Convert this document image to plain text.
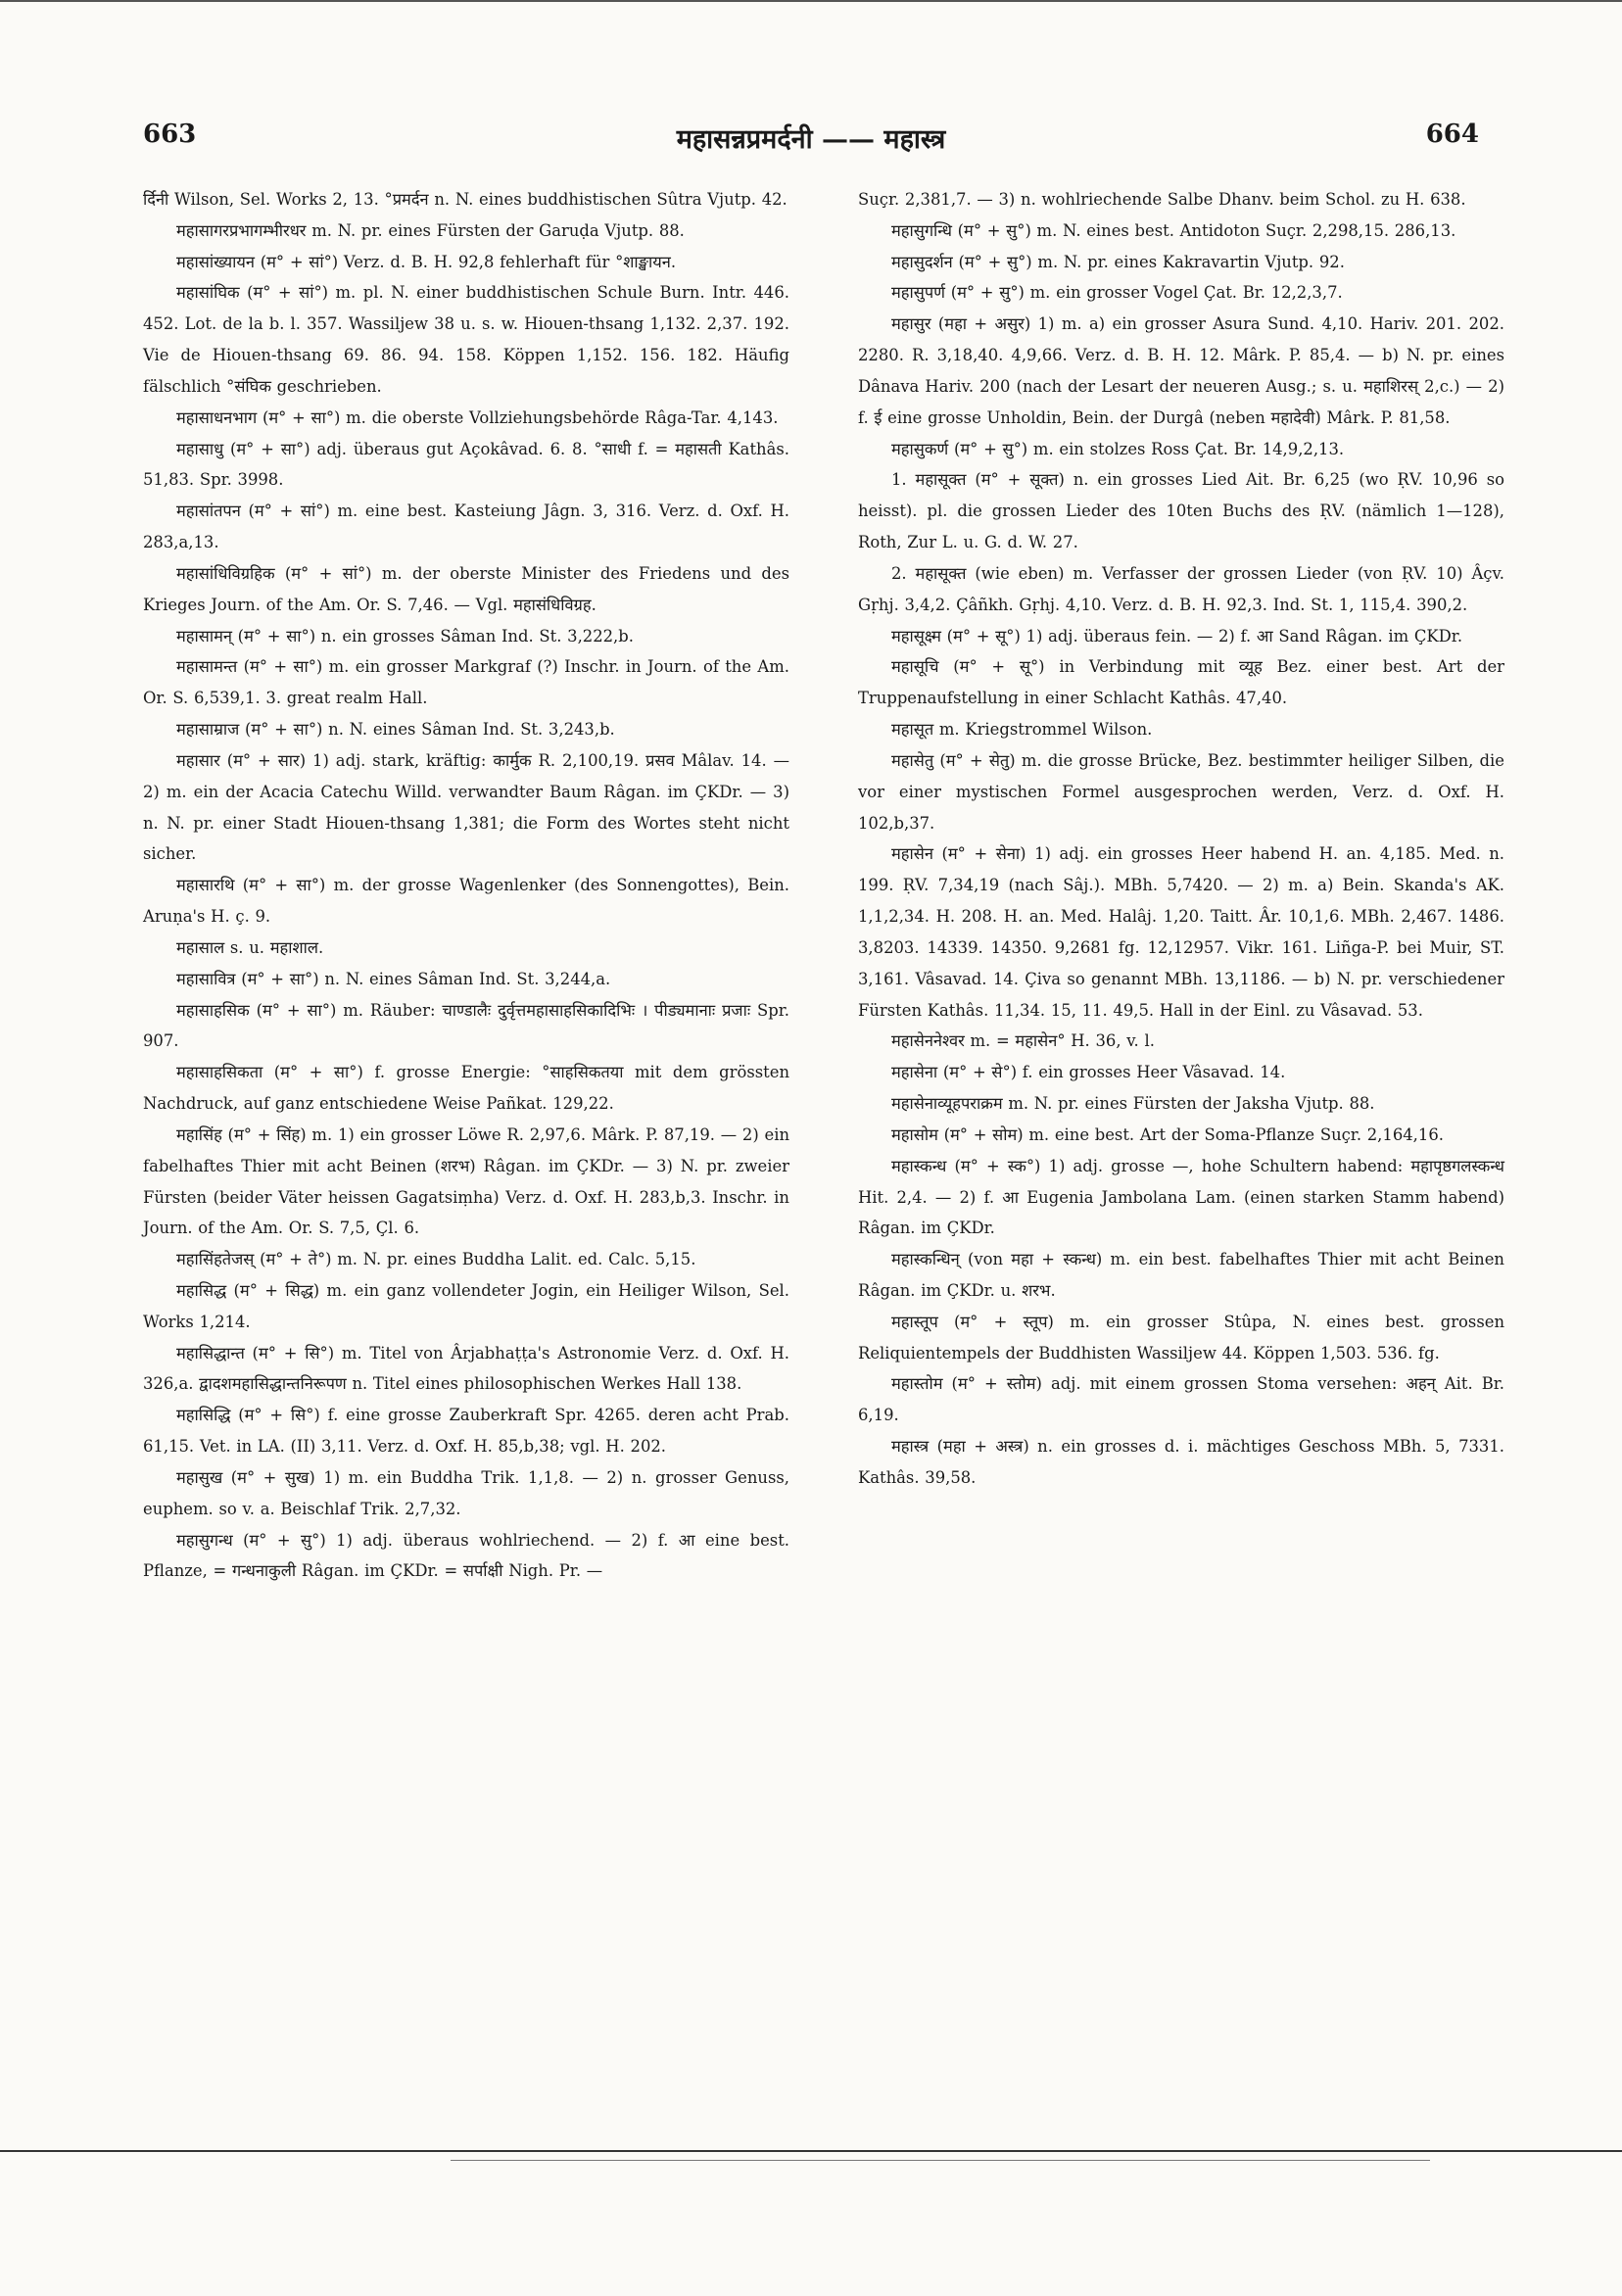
663	महासन्नप्रमर्दनी —— महास्त्र	664

र्दिनी Wilson, Sel. Works 2, 13. °प्रमर्दन n. N. eines buddhistischen Sûtra Vjutp. 42.

महासागरप्रभागम्भीरधर m. N. pr. eines Fürsten der Garuḍa Vjutp. 88.

महासांख्यायन (म° + सां°) Verz. d. B. H. 92,8 fehlerhaft für °शाङ्खायन.

महासांघिक (म° + सां°) m. pl. N. einer buddhistischen Schule Burn. Intr. 446. 452. Lot. de la b. l. 357. Wassiljew 38 u. s. w. Hiouen-thsang 1,132. 2,37. 192. Vie de Hiouen-thsang 69. 86. 94. 158. Köppen 1,152. 156. 182. Häufig fälschlich °संघिक geschrieben.

महासाधनभाग (म° + सा°) m. die oberste Vollziehungsbehörde Râga-Tar. 4,143.

महासाधु (म° + सा°) adj. überaus gut Açokâvad. 6. 8. °साधी f. = महासती Kathâs. 51,83. Spr. 3998.

महासांतपन (म° + सां°) m. eine best. Kasteiung Jâgn. 3, 316. Verz. d. Oxf. H. 283,a,13.

महासांधिविग्रहिक (म° + सां°) m. der oberste Minister des Friedens und des Krieges Journ. of the Am. Or. S. 7,46. — Vgl. महासंधिविग्रह.

महासामन् (म° + सा°) n. ein grosses Sâman Ind. St. 3,222,b.

महासामन्त (म° + सा°) m. ein grosser Markgraf (?) Inschr. in Journ. of the Am. Or. S. 6,539,1. 3. great realm Hall.

महासाम्राज (म° + सा°) n. N. eines Sâman Ind. St. 3,243,b.

महासार (म° + सार) 1) adj. stark, kräftig: कार्मुक R. 2,100,19. प्रसव Mâlav. 14. — 2) m. ein der Acacia Catechu Willd. verwandter Baum Râgan. im ÇKDr. — 3) n. N. pr. einer Stadt Hiouen-thsang 1,381; die Form des Wortes steht nicht sicher.

महासारथि (म° + सा°) m. der grosse Wagenlenker (des Sonnengottes), Bein. Aruṇa's H. ç. 9.

महासाल s. u. महाशाल.

महासावित्र (म° + सा°) n. N. eines Sâman Ind. St. 3,244,a.

महासाहसिक (म° + सा°) m. Räuber: चाण्डालैः दुर्वृत्तमहासाहसिकादिभिः । पीड्यमानाः प्रजाः Spr. 907.

महासाहसिकता (म° + सा°) f. grosse Energie: °साहसिकतया mit dem grössten Nachdruck, auf ganz entschiedene Weise Pañkat. 129,22.

महासिंह (म° + सिंह) m. 1) ein grosser Löwe R. 2,97,6. Mârk. P. 87,19. — 2) ein fabelhaftes Thier mit acht Beinen (शरभ) Râgan. im ÇKDr. — 3) N. pr. zweier Fürsten (beider Väter heissen Gagatsiṃha) Verz. d. Oxf. H. 283,b,3. Inschr. in Journ. of the Am. Or. S. 7,5, Çl. 6.

महासिंहतेजस् (म° + ते°) m. N. pr. eines Buddha Lalit. ed. Calc. 5,15.

महासिद्ध (म° + सिद्ध) m. ein ganz vollendeter Jogin, ein Heiliger Wilson, Sel. Works 1,214.

महासिद्धान्त (म° + सि°) m. Titel von Ârjabhaṭṭa's Astronomie Verz. d. Oxf. H. 326,a. द्वादशमहासिद्धान्तनिरूपण n. Titel eines philosophischen Werkes Hall 138.

महासिद्धि (म° + सि°) f. eine grosse Zauberkraft Spr. 4265. deren acht Prab. 61,15. Vet. in LA. (II) 3,11. Verz. d. Oxf. H. 85,b,38; vgl. H. 202.

महासुख (म° + सुख) 1) m. ein Buddha Trik. 1,1,8. — 2) n. grosser Genuss, euphem. so v. a. Beischlaf Trik. 2,7,32.

महासुगन्ध (म° + सु°) 1) adj. überaus wohlriechend. — 2) f. आ eine best. Pflanze, = गन्धनाकुली Râgan. im ÇKDr. = सर्पाक्षी Nigh. Pr. —

Suçr. 2,381,7. — 3) n. wohlriechende Salbe Dhanv. beim Schol. zu H. 638.

महासुगन्धि (म° + सु°) m. N. eines best. Antidoton Suçr. 2,298,15. 286,13.

महासुदर्शन (म° + सु°) m. N. pr. eines Kakravartin Vjutp. 92.

महासुपर्ण (म° + सु°) m. ein grosser Vogel Çat. Br. 12,2,3,7.

महासुर (महा + असुर) 1) m. a) ein grosser Asura Sund. 4,10. Hariv. 201. 202. 2280. R. 3,18,40. 4,9,66. Verz. d. B. H. 12. Mârk. P. 85,4. — b) N. pr. eines Dânava Hariv. 200 (nach der Lesart der neueren Ausg.; s. u. महाशिरस् 2,c.) — 2) f. ई eine grosse Unholdin, Bein. der Durgâ (neben महादेवी) Mârk. P. 81,58.

महासुकर्ण (म° + सु°) m. ein stolzes Ross Çat. Br. 14,9,2,13.

1. महासूक्त (म° + सूक्त) n. ein grosses Lied Ait. Br. 6,25 (wo ṚV. 10,96 so heisst). pl. die grossen Lieder des 10ten Buchs des ṚV. (nämlich 1—128), Roth, Zur L. u. G. d. W. 27.

2. महासूक्त (wie eben) m. Verfasser der grossen Lieder (von ṚV. 10) Âçv. Gṛhj. 3,4,2. Çâñkh. Gṛhj. 4,10. Verz. d. B. H. 92,3. Ind. St. 1, 115,4. 390,2.

महासूक्ष्म (म° + सू°) 1) adj. überaus fein. — 2) f. आ Sand Râgan. im ÇKDr.

महासूचि (म° + सू°) in Verbindung mit व्यूह Bez. einer best. Art der Truppenaufstellung in einer Schlacht Kathâs. 47,40.

महासूत m. Kriegstrommel Wilson.

महासेतु (म° + सेतु) m. die grosse Brücke, Bez. bestimmter heiliger Silben, die vor einer mystischen Formel ausgesprochen werden, Verz. d. Oxf. H. 102,b,37.

महासेन (म° + सेना) 1) adj. ein grosses Heer habend H. an. 4,185. Med. n. 199. ṚV. 7,34,19 (nach Sâj.). MBh. 5,7420. — 2) m. a) Bein. Skanda's AK. 1,1,2,34. H. 208. H. an. Med. Halâj. 1,20. Taitt. Âr. 10,1,6. MBh. 2,467. 1486. 3,8203. 14339. 14350. 9,2681 fg. 12,12957. Vikr. 161. Liñga-P. bei Muir, ST. 3,161. Vâsavad. 14. Çiva so genannt MBh. 13,1186. — b) N. pr. verschiedener Fürsten Kathâs. 11,34. 15, 11. 49,5. Hall in der Einl. zu Vâsavad. 53.

महासेननेश्वर m. = महासेन° H. 36, v. l.

महासेना (म° + से°) f. ein grosses Heer Vâsavad. 14.

महासेनाव्यूहपराक्रम m. N. pr. eines Fürsten der Jaksha Vjutp. 88.

महासोम (म° + सोम) m. eine best. Art der Soma-Pflanze Suçr. 2,164,16.

महास्कन्ध (म° + स्क°) 1) adj. grosse —, hohe Schultern habend: महापृष्ठगलस्कन्ध Hit. 2,4. — 2) f. आ Eugenia Jambolana Lam. (einen starken Stamm habend) Râgan. im ÇKDr.

महास्कन्धिन् (von महा + स्कन्ध) m. ein best. fabelhaftes Thier mit acht Beinen Râgan. im ÇKDr. u. शरभ.

महास्तूप (म° + स्तूप) m. ein grosser Stûpa, N. eines best. grossen Reliquientempels der Buddhisten Wassiljew 44. Köppen 1,503. 536. fg.

महास्तोम (म° + स्तोम) adj. mit einem grossen Stoma versehen: अहन् Ait. Br. 6,19.

महास्त्र (महा + अस्त्र) n. ein grosses d. i. mächtiges Geschoss MBh. 5, 7331. Kathâs. 39,58.
